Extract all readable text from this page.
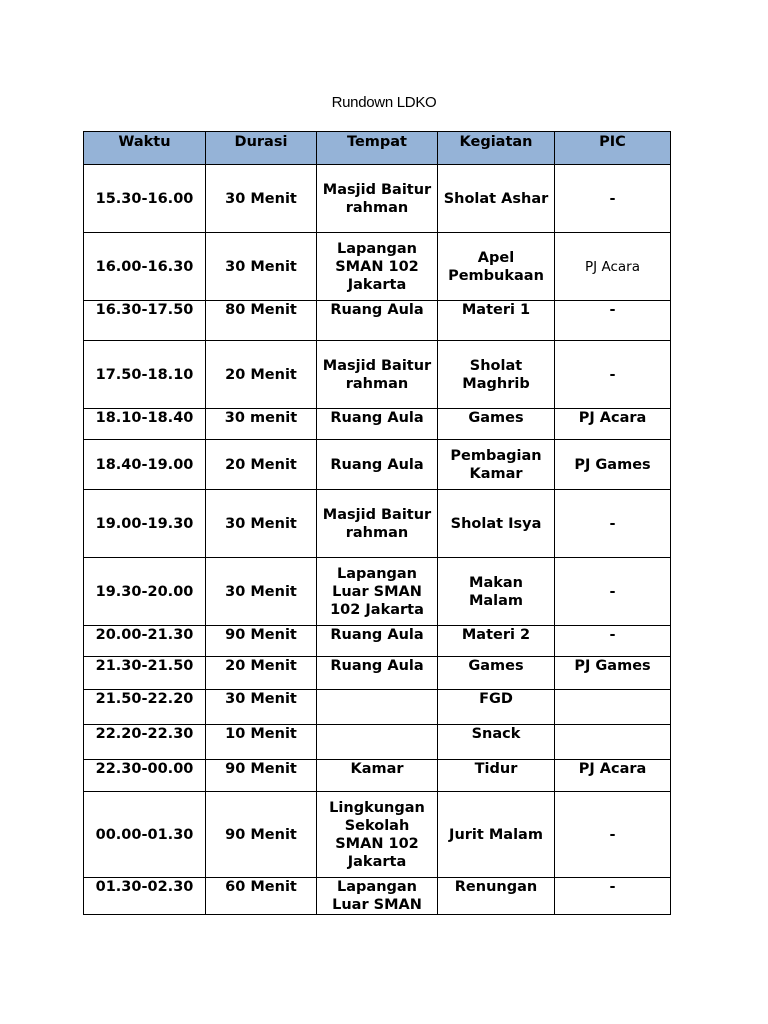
Rundown LDKO
Waktu	Durasi	Tempat	Kegiatan	PIC
15.30-16.00	30 Menit	Masjid Baiturrahman	Sholat Ashar	-
16.00-16.30	30 Menit	Lapangan SMAN 102 Jakarta	Apel Pembukaan	PJ Acara
16.30-17.50	80 Menit	Ruang Aula	Materi 1	-
17.50-18.10	20 Menit	Masjid Baiturrahman	Sholat Maghrib	-
18.10-18.40	30 menit	Ruang Aula	Games	PJ Acara
18.40-19.00	20 Menit	Ruang Aula	Pembagian Kamar	PJ Games
19.00-19.30	30 Menit	Masjid Baiturrahman	Sholat Isya	-
19.30-20.00	30 Menit	Lapangan Luar SMAN 102 Jakarta	Makan Malam	-
20.00-21.30	90 Menit	Ruang Aula	Materi 2	-
21.30-21.50	20 Menit	Ruang Aula	Games	PJ Games
21.50-22.20	30 Menit		FGD	
22.20-22.30	10 Menit		Snack	
22.30-00.00	90 Menit	Kamar	Tidur	PJ Acara
00.00-01.30	90 Menit	Lingkungan Sekolah SMAN 102 Jakarta	Jurit Malam	-
01.30-02.30	60 Menit	Lapangan Luar SMAN	Renungan	-
